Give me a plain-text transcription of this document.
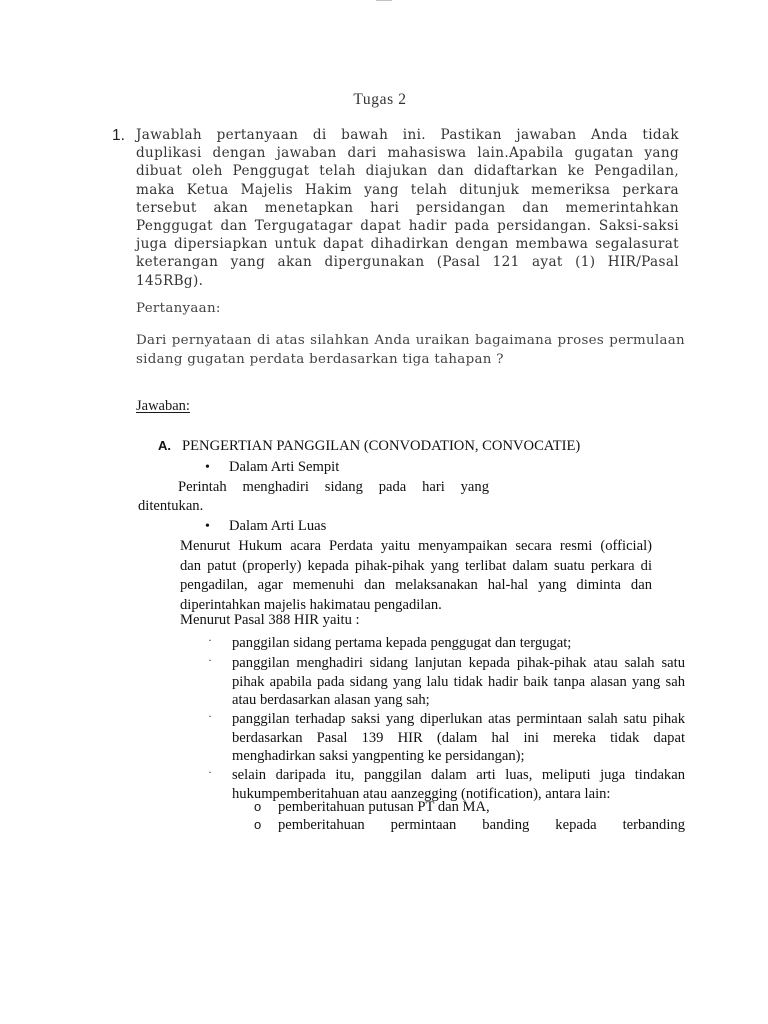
Tugas 2
1. Jawablah pertanyaan di bawah ini. Pastikan jawaban Anda tidak
duplikasi dengan jawaban dari mahasiswa lain.Apabila gugatan yang
dibuat oleh Penggugat telah diajukan dan didaftarkan ke Pengadilan,
maka Ketua Majelis Hakim yang telah ditunjuk memeriksa perkara
tersebut akan menetapkan hari persidangan dan memerintahkan
Penggugat dan Tergugatagar dapat hadir pada persidangan. Saksi-saksi
juga dipersiapkan untuk dapat dihadirkan dengan membawa segalasurat
keterangan yang akan dipergunakan (Pasal 121 ayat (1) HIR/Pasal
145RBg).
Pertanyaan:
Dari pernyataan di atas silahkan Anda uraikan bagaimana proses permulaan
sidang gugatan perdata berdasarkan tiga tahapan ?
Jawaban:
A. PENGERTIAN PANGGILAN (CONVODATION, CONVOCATIE)
• Dalam Arti Sempit
Perintah menghadiri sidang pada hari yang
ditentukan.
• Dalam Arti Luas
Menurut Hukum acara Perdata yaitu menyampaikan secara resmi (official)
dan patut (properly) kepada pihak-pihak yang terlibat dalam suatu perkara di
pengadilan, agar memenuhi dan melaksanakan hal-hal yang diminta dan
diperintahkan majelis hakimatau pengadilan.
Menurut Pasal 388 HIR yaitu :
· panggilan sidang pertama kepada penggugat dan tergugat;
· panggilan menghadiri sidang lanjutan kepada pihak-pihak atau salah satu
pihak apabila pada sidang yang lalu tidak hadir baik tanpa alasan yang sah
atau berdasarkan alasan yang sah;
· panggilan terhadap saksi yang diperlukan atas permintaan salah satu pihak
berdasarkan Pasal 139 HIR (dalam hal ini mereka tidak dapat
menghadirkan saksi yangpenting ke persidangan);
· selain daripada itu, panggilan dalam arti luas, meliputi juga tindakan
hukumpemberitahuan atau aanzegging (notification), antara lain:
o pemberitahuan putusan PT dan MA,
o pemberitahuan permintaan banding kepada terbanding
